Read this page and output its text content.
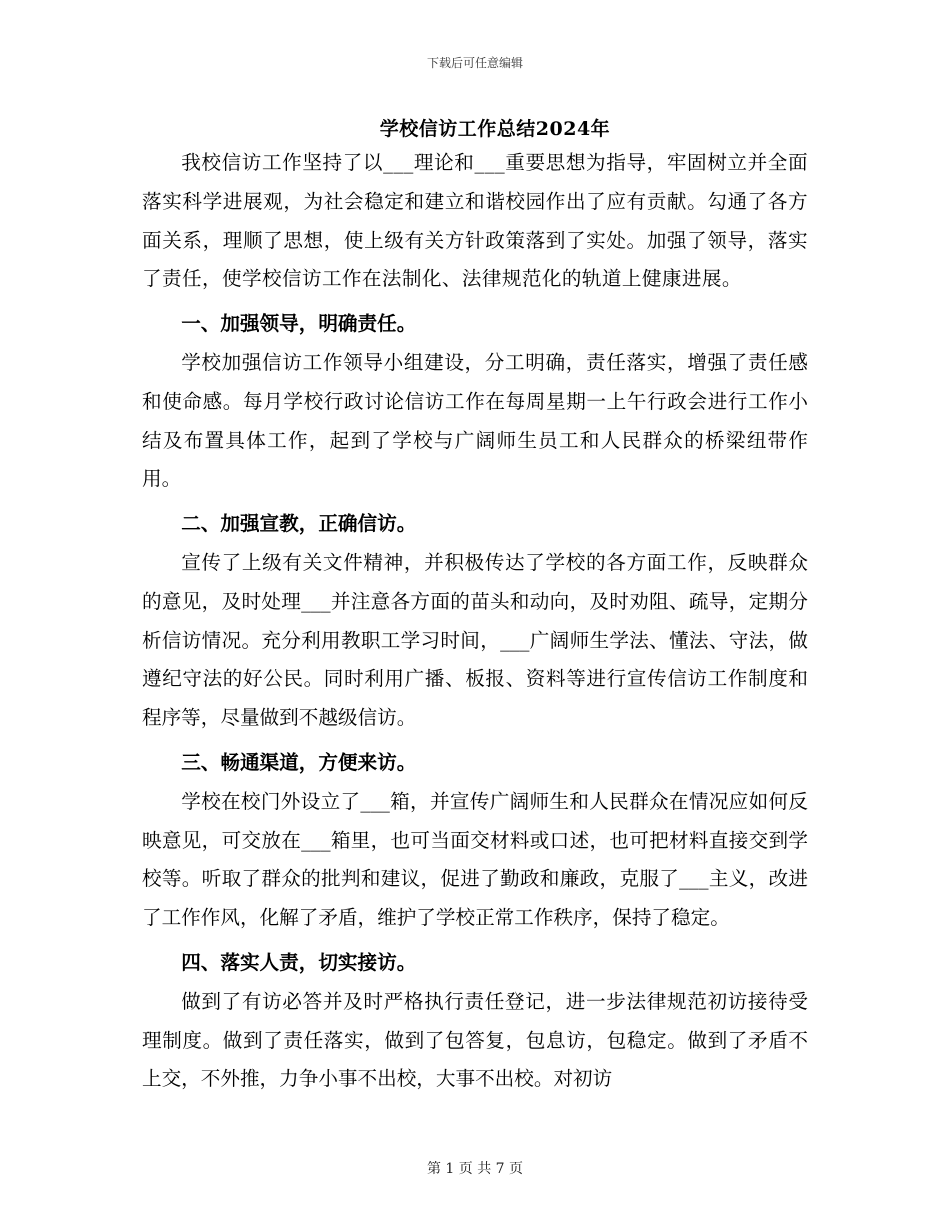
下载后可任意编辑
学校信访工作总结2024年

我校信访工作坚持了以___理论和___重要思想为指导，牢固树立并全面落实科学进展观，为社会稳定和建立和谐校园作出了应有贡献。勾通了各方面关系，理顺了思想，使上级有关方针政策落到了实处。加强了领导，落实了责任，使学校信访工作在法制化、法律规范化的轨道上健康进展。

一、加强领导，明确责任。

学校加强信访工作领导小组建设，分工明确，责任落实，增强了责任感和使命感。每月学校行政讨论信访工作在每周星期一上午行政会进行工作小结及布置具体工作，起到了学校与广阔师生员工和人民群众的桥梁纽带作用。

二、加强宣教，正确信访。

宣传了上级有关文件精神，并积极传达了学校的各方面工作，反映群众的意见，及时处理___并注意各方面的苗头和动向，及时劝阻、疏导，定期分析信访情况。充分利用教职工学习时间，___广阔师生学法、懂法、守法，做遵纪守法的好公民。同时利用广播、板报、资料等进行宣传信访工作制度和程序等，尽量做到不越级信访。

三、畅通渠道，方便来访。

学校在校门外设立了___箱，并宣传广阔师生和人民群众在情况应如何反映意见，可交放在___箱里，也可当面交材料或口述，也可把材料直接交到学校等。听取了群众的批判和建议，促进了勤政和廉政，克服了___主义，改进了工作作风，化解了矛盾，维护了学校正常工作秩序，保持了稳定。

四、落实人责，切实接访。

做到了有访必答并及时严格执行责任登记，进一步法律规范初访接待受理制度。做到了责任落实，做到了包答复，包息访，包稳定。做到了矛盾不上交，不外推，力争小事不出校，大事不出校。对初访

第 1 页 共 7 页
